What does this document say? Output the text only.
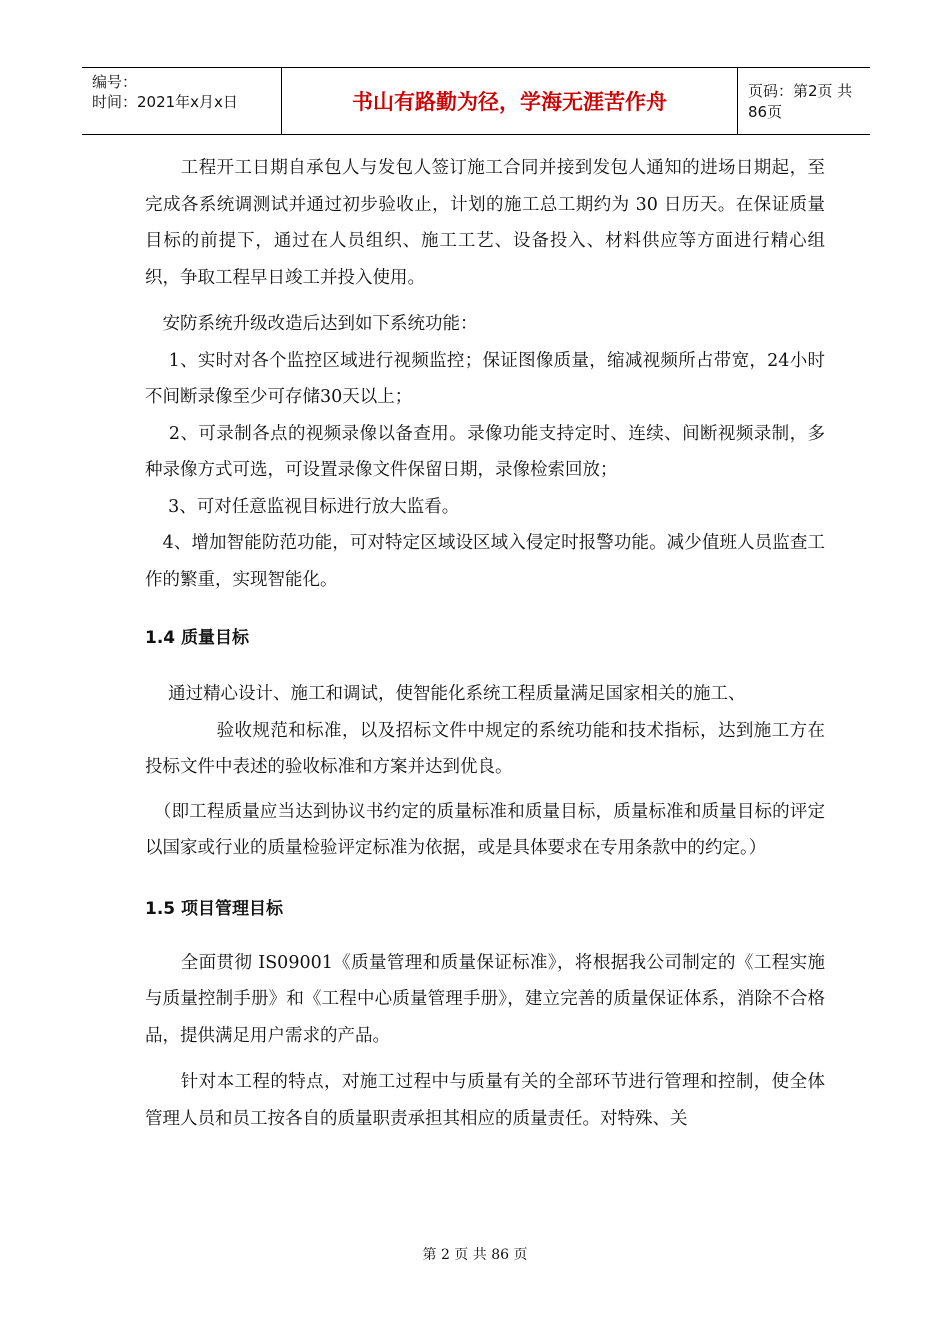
编号：
时间：2021年x月x日	书山有路勤为径，学海无涯苦作舟	页码：第2页 共86页

　　工程开工日期自承包人与发包人签订施工合同并接到发包人通知的进场日期起，至完成各系统调测试并通过初步验收止，计划的施工总工期约为 30 日历天。在保证质量目标的前提下，通过在人员组织、施工工艺、设备投入、材料供应等方面进行精心组织，争取工程早日竣工并投入使用。

　安防系统升级改造后达到如下系统功能：

　 1、实时对各个监控区域进行视频监控；保证图像质量，缩减视频所占带宽，24小时不间断录像至少可存储30天以上；

　 2、可录制各点的视频录像以备查用。录像功能支持定时、连续、间断视频录制，多种录像方式可选，可设置录像文件保留日期，录像检索回放；

　 3、可对任意监视目标进行放大监看。

　4、增加智能防范功能，可对特定区域设区域入侵定时报警功能。减少值班人员监查工作的繁重，实现智能化。

1.4 质量目标

　 通过精心设计、施工和调试，使智能化系统工程质量满足国家相关的施工、

　　　　验收规范和标准，以及招标文件中规定的系统功能和技术指标，达到施工方在投标文件中表述的验收标准和方案并达到优良。

　（即工程质量应当达到协议书约定的质量标准和质量目标，质量标准和质量目标的评定以国家或行业的质量检验评定标准为依据，或是具体要求在专用条款中的约定。）

1.5 项目管理目标

　　全面贯彻 IS09001《质量管理和质量保证标准》，将根据我公司制定的《工程实施与质量控制手册》和《工程中心质量管理手册》，建立完善的质量保证体系，消除不合格品，提供满足用户需求的产品。

　　针对本工程的特点，对施工过程中与质量有关的全部环节进行管理和控制，使全体管理人员和员工按各自的质量职责承担其相应的质量责任。对特殊、关

第 2 页 共 86 页
